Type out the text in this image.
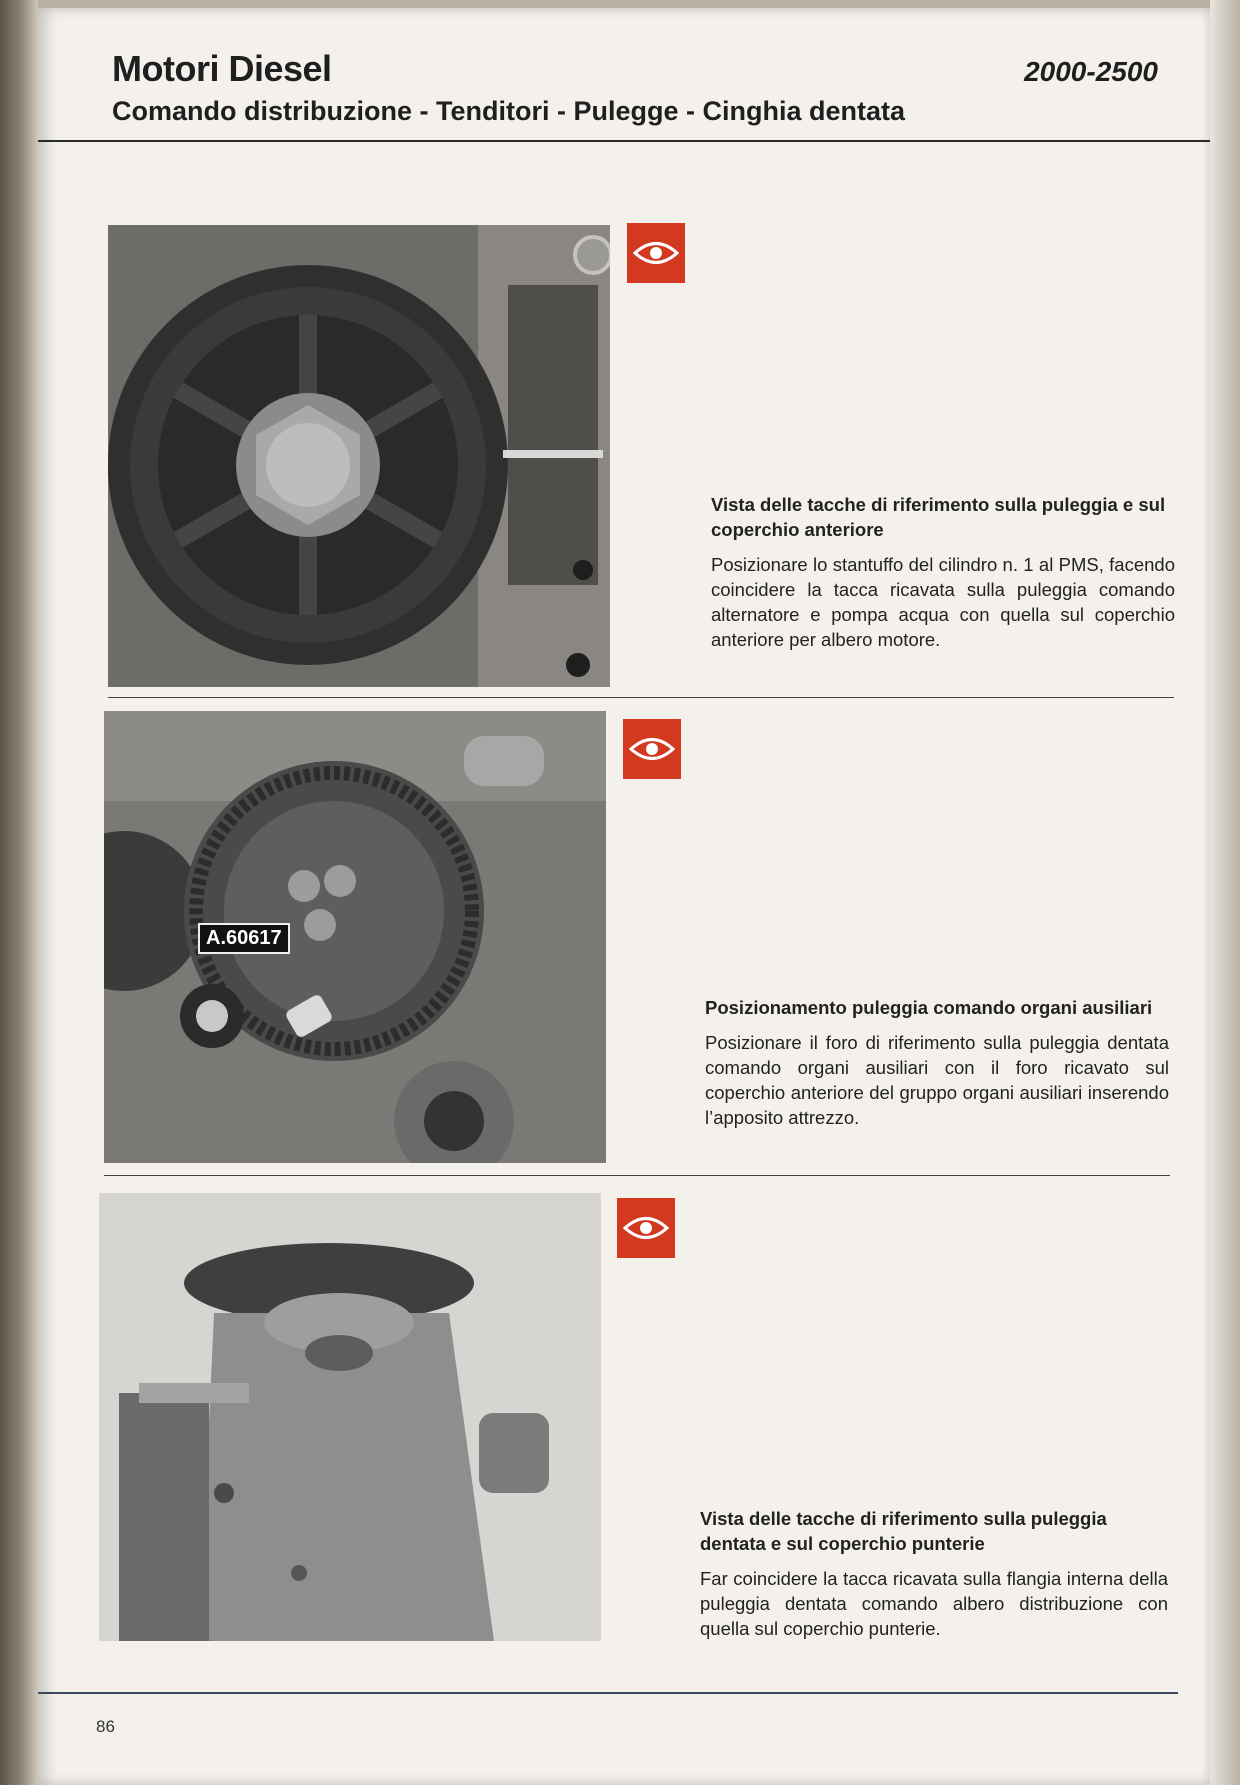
Motori Diesel
Comando distribuzione - Tenditori - Pulegge - Cinghia dentata
2000-2500
Vista delle tacche di riferimento sulla puleggia e sul coperchio anteriore

Posizionare lo stantuffo del cilindro n. 1 al PMS, facendo coincidere la tacca ricavata sulla puleggia comando alternatore e pompa acqua con quella sul coperchio anteriore per albero motore.

A.60617
Posizionamento puleggia comando organi ausiliari

Posizionare il foro di riferimento sulla puleggia dentata comando organi ausiliari con il foro ricavato sul coperchio anteriore del gruppo organi ausiliari inserendo l’apposito attrezzo.

Vista delle tacche di riferimento sulla puleggia dentata e sul coperchio punterie

Far coincidere la tacca ricavata sulla flangia interna della puleggia dentata comando albero distribuzione con quella sul coperchio punterie.

86
